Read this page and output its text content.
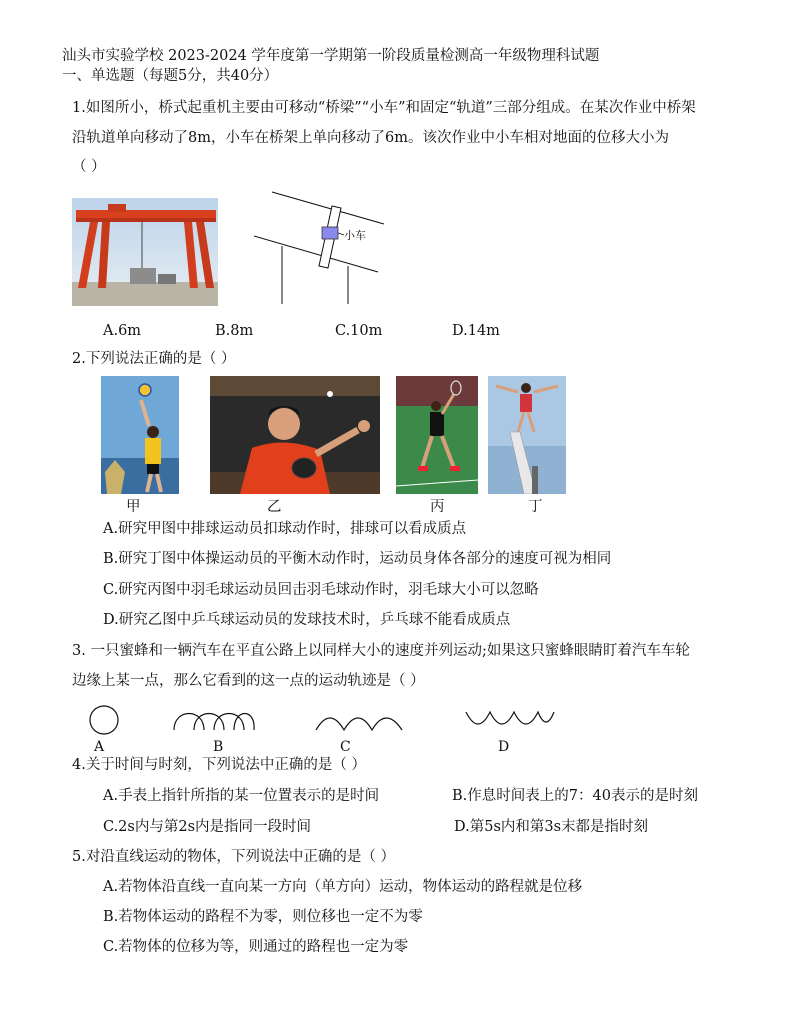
汕头市实验学校 2023-2024 学年度第一学期第一阶段质量检测高一年级物理科试题
一、单选题（每题5分，共40分）
1.如图所小，桥式起重机主要由可移动“桥梁”“小车”和固定“轨道”三部分组成。在某次作业中桥架
沿轨道单向移动了8m，小车在桥架上单向移动了6m。该次作业中小车相对地面的位移大小为
（ ）
小车
A.6m	B.8m	C.10m	D.14m
2.下列说法正确的是（ ）
甲	乙	丙	丁
A.研究甲图中排球运动员扣球动作时，排球可以看成质点
B.研究丁图中体操运动员的平衡木动作时，运动员身体各部分的速度可视为相同
C.研究丙图中羽毛球运动员回击羽毛球动作时，羽毛球大小可以忽略
D.研究乙图中乒乓球运动员的发球技术时，乒乓球不能看成质点
3. 一只蜜蜂和一辆汽车在平直公路上以同样大小的速度并列运动;如果这只蜜蜂眼睛盯着汽车车轮
边缘上某一点，那么它看到的这一点的运动轨迹是（ ）
A	B	C	D
4.关于时间与时刻，下列说法中正确的是（ ）
A.手表上指针所指的某一位置表示的是时间	B.作息时间表上的7：40表示的是时刻
C.2s内与第2s内是指同一段时间	D.第5s内和第3s末都是指时刻
5.对沿直线运动的物体，下列说法中正确的是（ ）
A.若物体沿直线一直向某一方向（单方向）运动，物体运动的路程就是位移
B.若物体运动的路程不为零，则位移也一定不为零
C.若物体的位移为等，则通过的路程也一定为零
